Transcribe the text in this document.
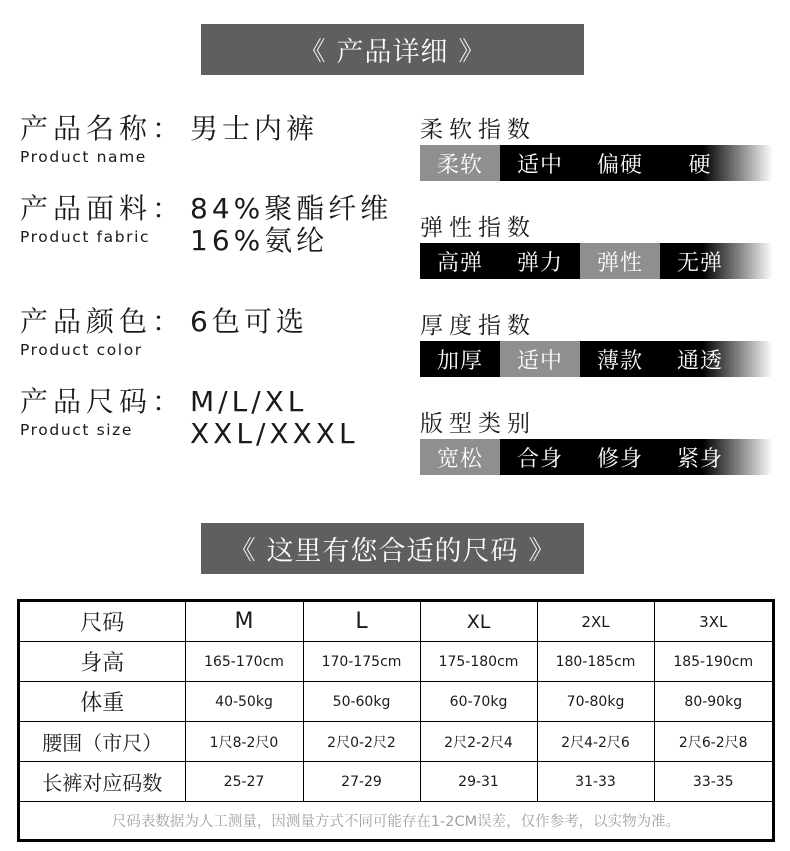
《 产品详细 》
产品名称： 男士内裤
Product name
产品面料： 84%聚酯纤维
16%氨纶
Product fabric
产品颜色： 6色可选
Product color
产品尺码： M/L/XL
XXL/XXXL
Product size
柔软指数
柔软	适中	偏硬	硬
弹性指数
高弹	弹力	弹性	无弹
厚度指数
加厚	适中	薄款	通透
版型类别
宽松	合身	修身	紧身
《 这里有您合适的尺码 》
尺码	M	L	XL	2XL	3XL
身高	165-170cm	170-175cm	175-180cm	180-185cm	185-190cm
体重	40-50kg	50-60kg	60-70kg	70-80kg	80-90kg
腰围（市尺）	1尺8-2尺0	2尺0-2尺2	2尺2-2尺4	2尺4-2尺6	2尺6-2尺8
长裤对应码数	25-27	27-29	29-31	31-33	33-35
尺码表数据为人工测量，因测量方式不同可能存在1-2CM误差，仅作参考，以实物为准。
